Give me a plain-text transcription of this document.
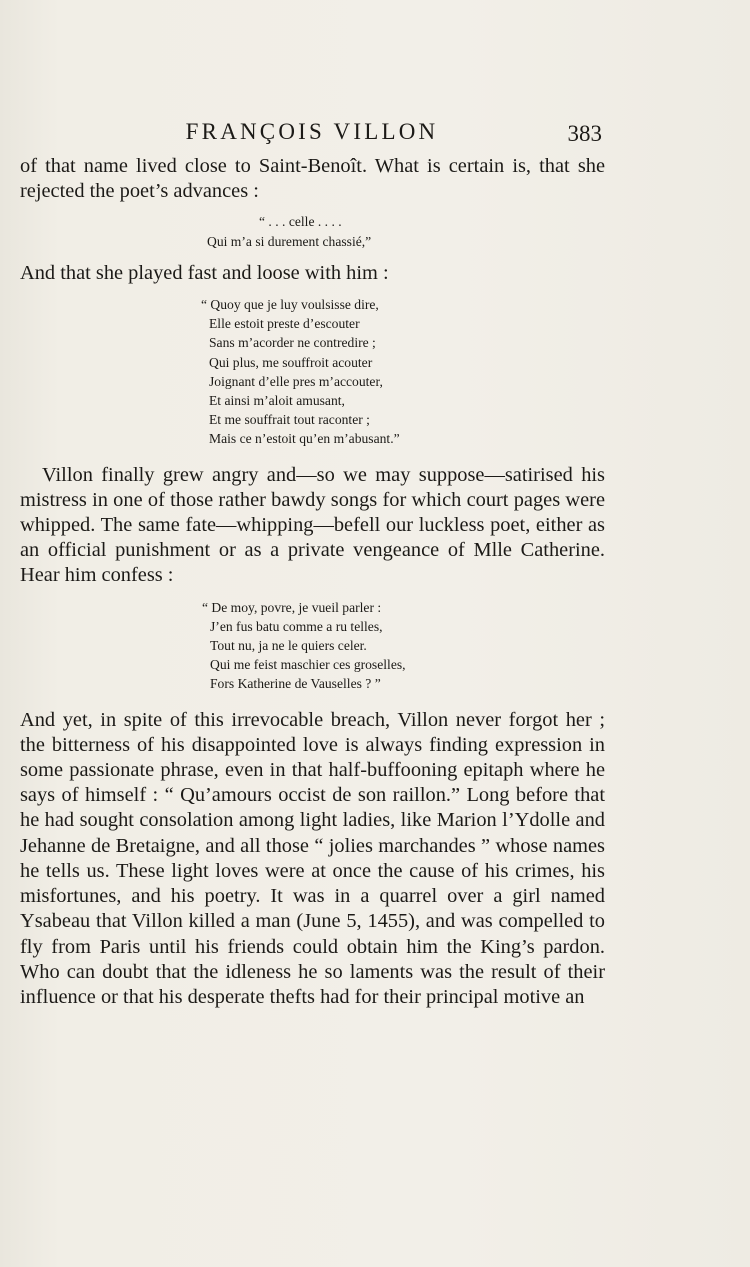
FRANÇOIS VILLON	383

of that name lived close to Saint-Benoît. What is certain is, that she rejected the poet’s advances :

“ . . . celle . . . .
Qui m’a si durement chassié,”

And that she played fast and loose with him :

“ Quoy que je luy voulsisse dire,
Elle estoit preste d’escouter
Sans m’acorder ne contredire ;
Qui plus, me souffroit acouter
Joignant d’elle pres m’accouter,
Et ainsi m’aloit amusant,
Et me souffrait tout raconter ;
Mais ce n’estoit qu’en m’abusant.”

Villon finally grew angry and—so we may suppose—satirised his mistress in one of those rather bawdy songs for which court pages were whipped. The same fate—whipping—befell our luckless poet, either as an official punishment or as a private vengeance of Mlle Catherine. Hear him confess :

“ De moy, povre, je vueil parler :
J’en fus batu comme a ru telles,
Tout nu, ja ne le quiers celer.
Qui me feist maschier ces groselles,
Fors Katherine de Vauselles ? ”

And yet, in spite of this irrevocable breach, Villon never forgot her ; the bitterness of his disappointed love is always finding expression in some passionate phrase, even in that half-buffooning epitaph where he says of himself : “ Qu’amours occist de son raillon.” Long before that he had sought consolation among light ladies, like Marion l’Ydolle and Jehanne de Bretaigne, and all those “ jolies marchandes ” whose names he tells us. These light loves were at once the cause of his crimes, his misfortunes, and his poetry. It was in a quarrel over a girl named Ysabeau that Villon killed a man (June 5, 1455), and was compelled to fly from Paris until his friends could obtain him the King’s pardon. Who can doubt that the idleness he so laments was the result of their influence or that his desperate thefts had for their principal motive an
